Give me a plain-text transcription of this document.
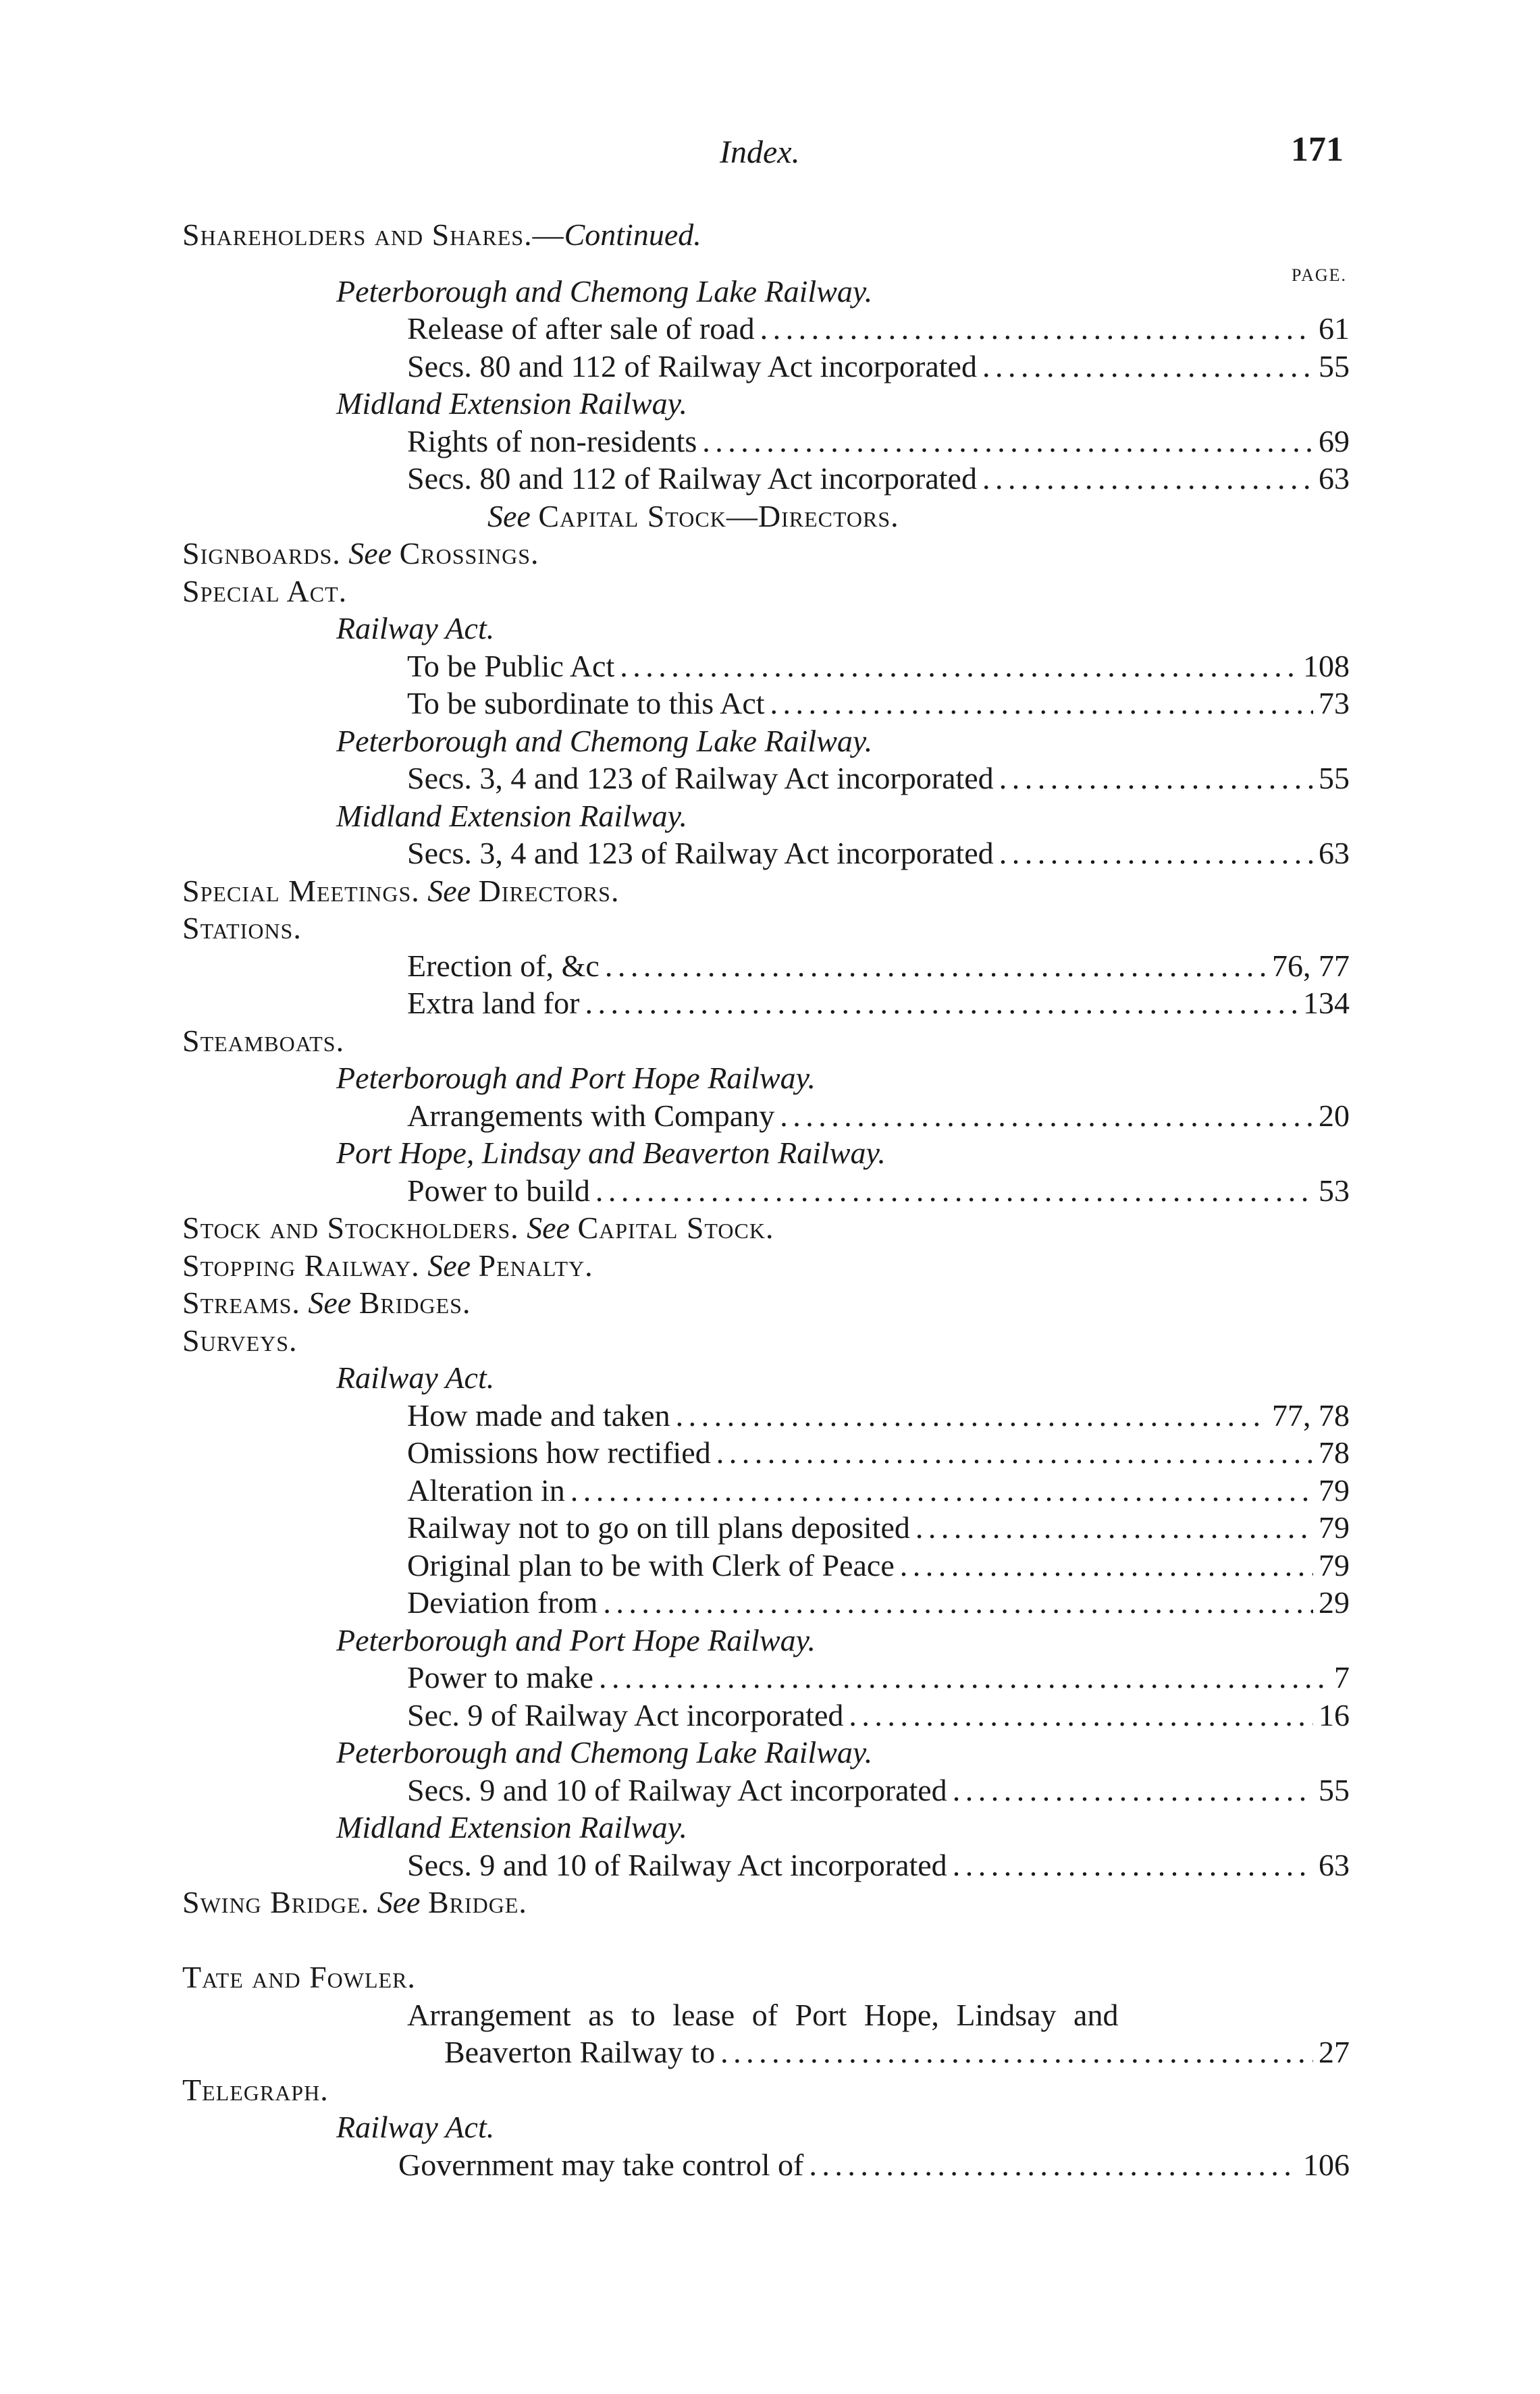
Index.	171
PAGE.
Shareholders and Shares.—Continued.
Peterborough and Chemong Lake Railway.
Release of after sale of road . . .	61
Secs. 80 and 112 of Railway Act incorporated . . .	55
Midland Extension Railway.
Rights of non-residents . . .	69
Secs. 80 and 112 of Railway Act incorporated . . .	63
See Capital Stock—Directors.
Signboards. See Crossings.
Special Act.
Railway Act.
To be Public Act . . .	108
To be subordinate to this Act . . .	73
Peterborough and Chemong Lake Railway.
Secs. 3, 4 and 123 of Railway Act incorporated . . .	55
Midland Extension Railway.
Secs. 3, 4 and 123 of Railway Act incorporated . . .	63
Special Meetings. See Directors.
Stations.
Erection of, &c . . .	76, 77
Extra land for . . .	134
Steamboats.
Peterborough and Port Hope Railway.
Arrangements with Company . . .	20
Port Hope, Lindsay and Beaverton Railway.
Power to build . . .	53
Stock and Stockholders. See Capital Stock.
Stopping Railway. See Penalty.
Streams. See Bridges.
Surveys.
Railway Act.
How made and taken . . .	77, 78
Omissions how rectified . . .	78
Alteration in . . .	79
Railway not to go on till plans deposited . . .	79
Original plan to be with Clerk of Peace . . .	79
Deviation from . . .	29
Peterborough and Port Hope Railway.
Power to make . . .	7
Sec. 9 of Railway Act incorporated . . .	16
Peterborough and Chemong Lake Railway.
Secs. 9 and 10 of Railway Act incorporated . . .	55
Midland Extension Railway.
Secs. 9 and 10 of Railway Act incorporated . . .	63
Swing Bridge. See Bridge.
Tate and Fowler.
Arrangement as to lease of Port Hope, Lindsay and
Beaverton Railway to . . .	27
Telegraph.
Railway Act.
Government may take control of . . .	106
